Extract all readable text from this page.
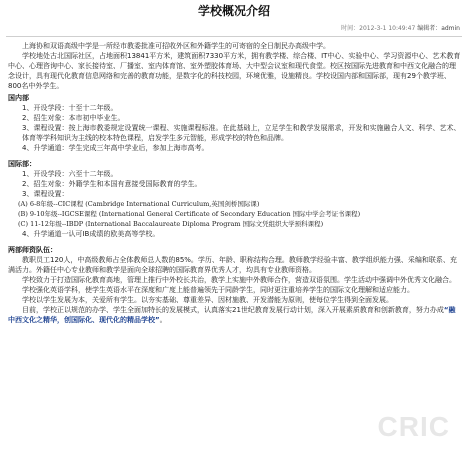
学校概况介绍
时间：2012-3-1 10:49:47 编辑者：admin

上海协和双语高级中学是一所经市教委批准可招收外区和外籍学生的可寄宿的全日制民办高级中学。

学校地处古北国际社区，占地面积13841平方米，建筑面积7330平方米，拥有教学楼、综合楼、IT中心、实验中心、学习资源中心、艺术教育中心、心理咨询中心、家长接待室、厂播室、室内体育馆、室外塑胶体育场、大中型会议室和现代食堂。校区按国际先进教育和中西文化融合的理念设计，具有现代化教育信息网络和完善的教育功能，是数字化的科技校园，环境优雅，设施精良。学校设国内部和国际部，现有29个教学班、800名中外学生。

国内部

1、开设学段：十至十二年级。

2、招生对象：本市初中毕业生。

3、课程设置：按上海市教委规定设置统一课程、实施课程标准。在此基础上，立足学生和教学发展需求，开发和实施融合人文、科学、艺术、体育等学科知识为主线的校本特色课程，启发学生多元智能，形成学校的特色和品牌。

4、升学通道：学生完成三年高中学业后，参加上海市高考。

国际部：

1、开设学段：六至十二年级。

2、招生对象：外籍学生和本国有意接受国际教育的学生。

3、课程设置：

(A) 6-8年级--CIC课程 (Cambridge International Curriculum,英国剑桥国际课)

(B) 9-10年级--IGCSE课程 (International General Certificate of Secondary Education 国际中学会考证书课程)

(C) 11-12年级--IBDP (International Baccalaureate Diploma Program 国际文凭组织大学预科课程)

4、升学通道一认可IB成绩的欧美高等学校。

两部师资队伍：

教职员工120人，中高级教师占全体教师总人数的85%。学历、年龄、职称结构合理。教师教学经验丰富、教学组织能力强、采编和联系、充满活力。外籍任中心专业教师和教学是面向全球招聘的国际教育界优秀人才，均具有专业教师资格。

学校致力于打造国际化教育高地，管理上推行中外校长共治，教学上实施中外教师合作，营造双语氛围。学生活动中强调中外优秀文化融合。

学校强化英语学科，使学生英语水平在深度和广度上能普遍领先于同龄学生，同时更注重培养学生的国际文化理解和适应能力。

学校以学生发展为本，关爱所有学生。以夯实基础、尊重差异、因材施教、开发潜能为原则，使每位学生得到全面发展。

目前，学校正以规范的办学、学生全面加特长的发展模式，认真落实21世纪教育发展行动计划，深入开展素质教育和创新教育，努力办成“融中西文化之精华，创国际化、现代化的精品学校”。

CRIC
